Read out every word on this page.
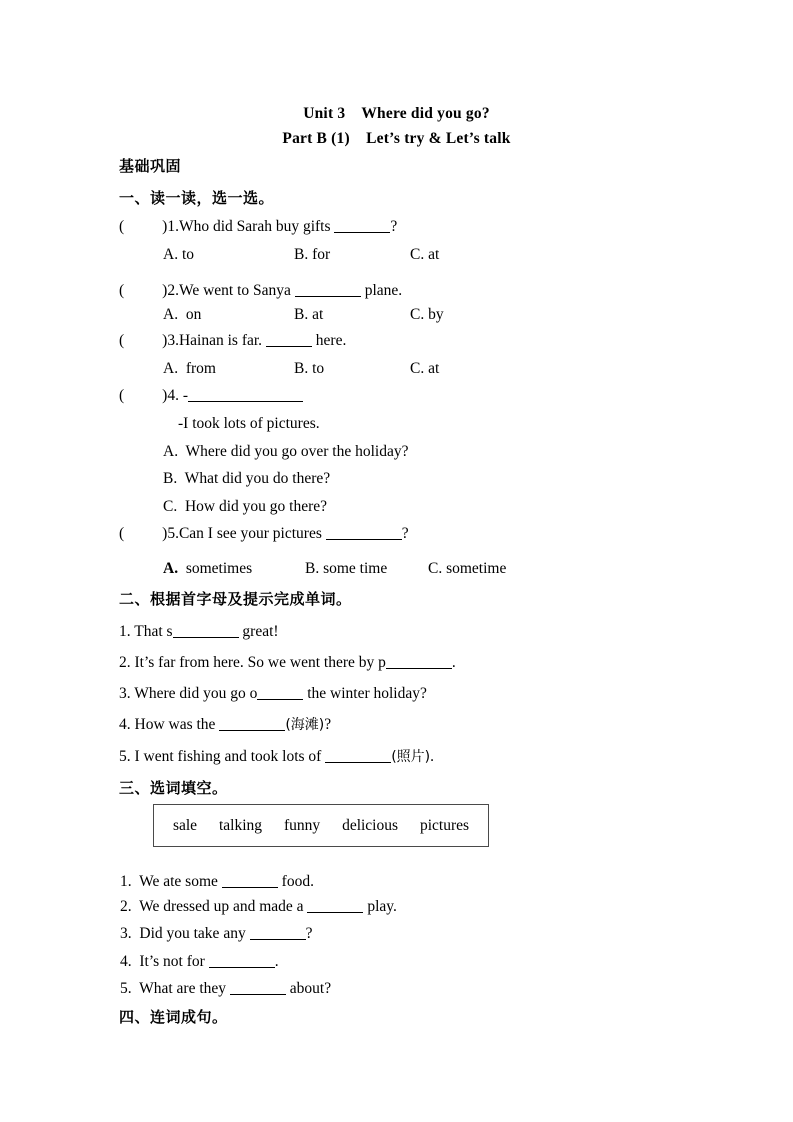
Unit 3    Where did you go?
Part B (1)    Let’s try & Let’s talk
基础巩固
一、读一读，选一选。
( )1.Who did Sarah buy gifts	?
A. to	B. for	C. at
( )2.We went to Sanya	plane.
A.  on	B. at	C. by
( )3.Hainan is far.	here.
A.  from	B. to	C. at
( )4. -
-I took lots of pictures.
A.  Where did you go over the holiday?
B.  What did you do there?
C.  How did you go there?
( )5.Can I see your pictures	?
A.  sometimes	B. some time	C. sometime
二、根据首字母及提示完成单词。
1. That s	great!
2. It’s far from here. So we went there by p	.
3. Where did you go o	the winter holiday?
4. How was the	(海滩)?
5. I went fishing and took lots of	(照片).
三、选词填空。
sale talking funny delicious pictures
1.  We ate some	food.
2.  We dressed up and made a	play.
3.  Did you take any	?
4.  It’s not for	.
5.  What are they	about?
四、连词成句。
